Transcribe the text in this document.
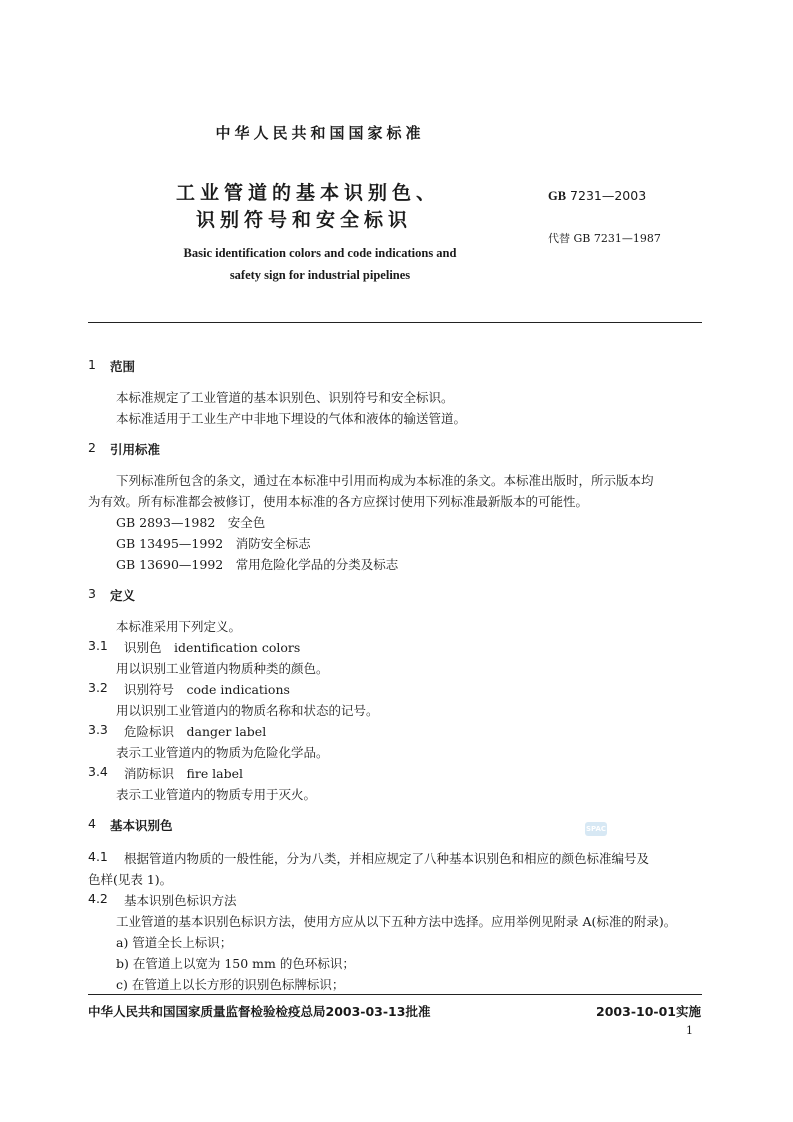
中华人民共和国国家标准
工业管道的基本识别色、
识别符号和安全标识
Basic identification colors and code indications and
safety sign for industrial pipelines
GB 7231—2003
代替 GB 7231—1987
1 范围
本标准规定了工业管道的基本识别色、识别符号和安全标识。
本标准适用于工业生产中非地下埋设的气体和液体的输送管道。
2 引用标准
下列标准所包含的条文，通过在本标准中引用而构成为本标准的条文。本标准出版时，所示版本均
为有效。所有标准都会被修订，使用本标准的各方应探讨使用下列标准最新版本的可能性。
GB 2893—1982　安全色
GB 13495—1992　消防安全标志
GB 13690—1992　常用危险化学品的分类及标志
3 定义
本标准采用下列定义。
3.1 识别色　identification colors
用以识别工业管道内物质种类的颜色。
3.2 识别符号　code indications
用以识别工业管道内的物质名称和状态的记号。
3.3 危险标识　danger label
表示工业管道内的物质为危险化学品。
3.4 消防标识　fire label
表示工业管道内的物质专用于灭火。
4 基本识别色	SPAC
4.1 根据管道内物质的一般性能，分为八类，并相应规定了八种基本识别色和相应的颜色标准编号及
色样(见表 1)。
4.2 基本识别色标识方法
工业管道的基本识别色标识方法，使用方应从以下五种方法中选择。应用举例见附录 A(标准的附录)。
a) 管道全长上标识；
b) 在管道上以宽为 150 mm 的色环标识；
c) 在管道上以长方形的识别色标牌标识；
中华人民共和国国家质量监督检验检疫总局2003-03-13批准	2003-10-01实施
1
